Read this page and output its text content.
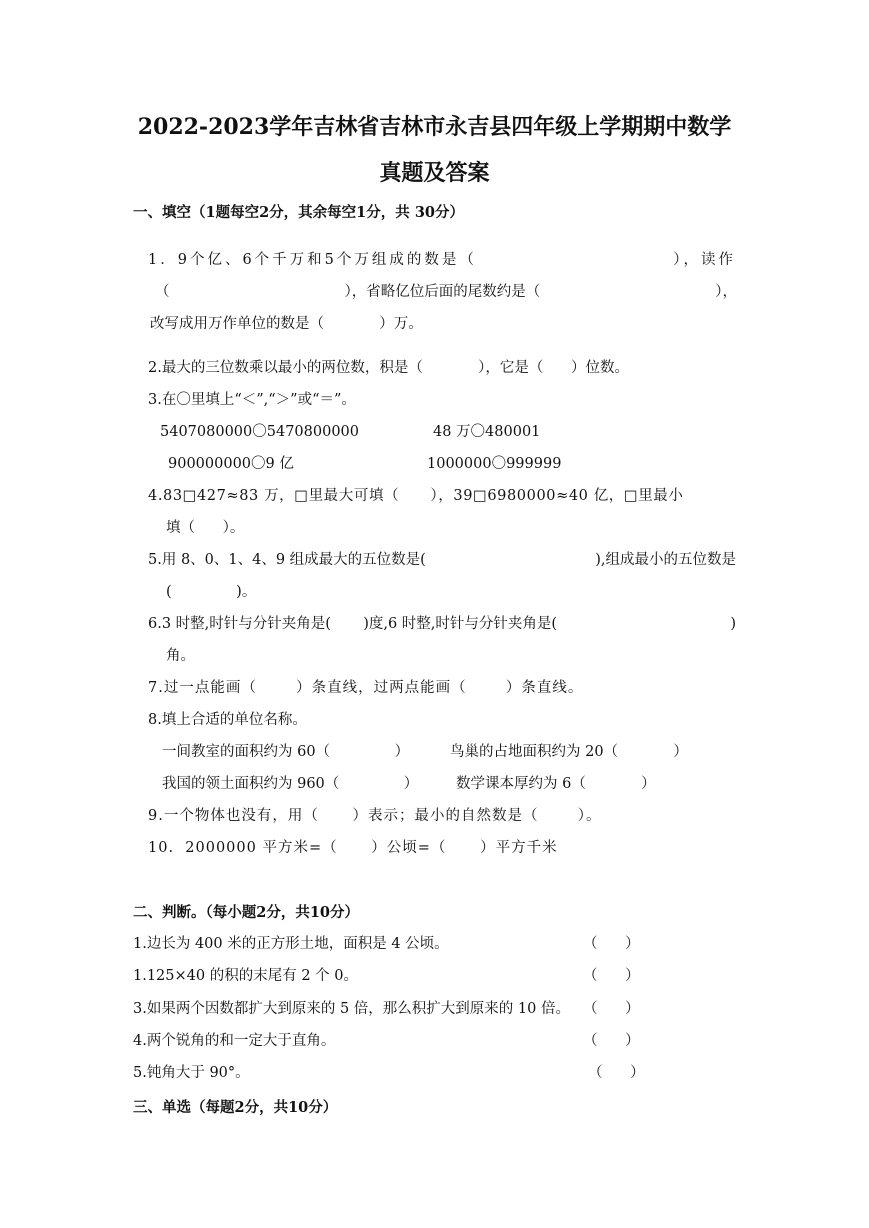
2022-2023学年吉林省吉林市永吉县四年级上学期期中数学
真题及答案
一、填空（1题每空2分，其余每空1分，共 30分）
1．9个亿、6个千万和5个万组成的数是（	），读作
（	），省略亿位后面的尾数约是（	），
改写成用万作单位的数是（            ）万。
2.最大的三位数乘以最小的两位数，积是（            ），它是（      ）位数。
3.在〇里填上“＜”,“＞”或“＝”。
5407080000〇5470800000	48 万〇480001
900000000〇9 亿	1000000〇999999
4.83□427≈83 万，□里最大可填（      ），39□6980000≈40 亿，□里最小
填（      ）。
5.用 8、0、1、4、9 组成最大的五位数是(	),组成最小的五位数是
(              )。
6.3 时整,时针与分针夹角是(       )度,6 时整,时针与分针夹角是(	)
角。
7.过一点能画（       ）条直线，过两点能画（       ）条直线。
8.填上合适的单位名称。
一间教室的面积约为 60（              ）	鸟巢的占地面积约为 20（            ）
我国的领土面积约为 960（              ）	数学课本厚约为 6（            ）
9.一个物体也没有，用（      ）表示；最小的自然数是（       ）。
10.  2000000 平方米=（      ）公顷=（      ）平方千米
二、判断。（每小题2分，共10分）
1.边长为 400 米的正方形土地，面积是 4 公顷。	（      ）
1.125×40 的积的末尾有 2 个 0。	（      ）
3.如果两个因数都扩大到原来的 5 倍，那么积扩大到原来的 10 倍。 （      ）
4.两个锐角的和一定大于直角。	（      ）
5.钝角大于 90°。	（      ）
三、单选（每题2分，共10分）
